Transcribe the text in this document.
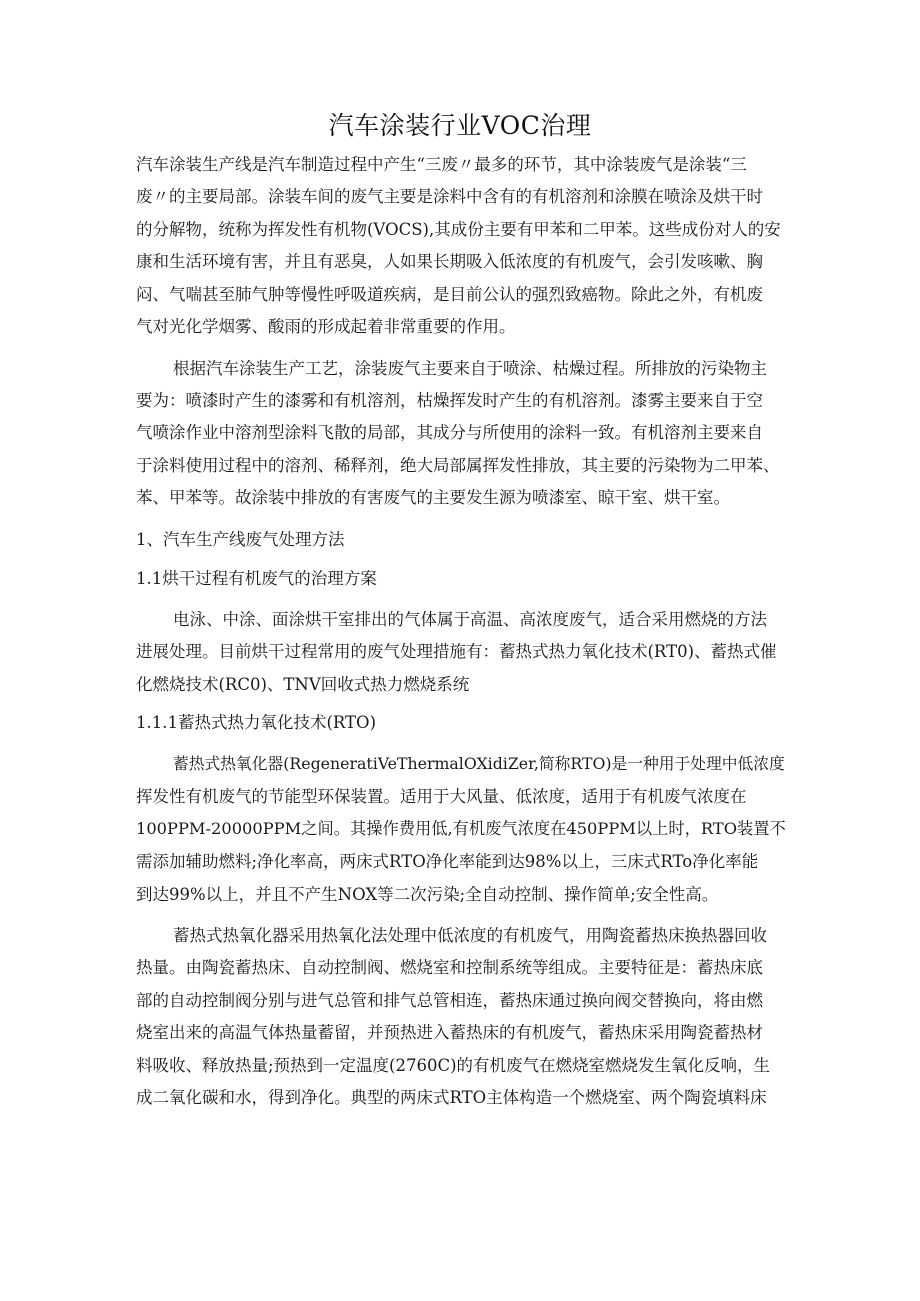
汽车涂装行业VOC治理
汽车涂装生产线是汽车制造过程中产生“三废〃最多的环节，其中涂装废气是涂装“三
废〃的主要局部。涂装车间的废气主要是涂料中含有的有机溶剂和涂膜在喷涂及烘干时
的分解物，统称为挥发性有机物(VOCS),其成份主要有甲苯和二甲苯。这些成份对人的安
康和生活环境有害，并且有恶臭，人如果长期吸入低浓度的有机废气，会引发咳嗽、胸
闷、气喘甚至肺气肿等慢性呼吸道疾病，是目前公认的强烈致癌物。除此之外，有机废
气对光化学烟雾、酸雨的形成起着非常重要的作用。
根据汽车涂装生产工艺，涂装废气主要来自于喷涂、枯燥过程。所排放的污染物主
要为：喷漆时产生的漆雾和有机溶剂，枯燥挥发时产生的有机溶剂。漆雾主要来自于空
气喷涂作业中溶剂型涂料飞散的局部，其成分与所使用的涂料一致。有机溶剂主要来自
于涂料使用过程中的溶剂、稀释剂，绝大局部属挥发性排放，其主要的污染物为二甲苯、
苯、甲苯等。故涂装中排放的有害废气的主要发生源为喷漆室、晾干室、烘干室。
1、汽车生产线废气处理方法
1.1烘干过程有机废气的治理方案
电泳、中涂、面涂烘干室排出的气体属于高温、高浓度废气，适合采用燃烧的方法
进展处理。目前烘干过程常用的废气处理措施有：蓄热式热力氧化技术(RT0)、蓄热式催
化燃烧技术(RC0)、TNV回收式热力燃烧系统
1.1.1蓄热式热力氧化技术(RTO)
蓄热式热氧化器(RegeneratiVeThermalOXidiZer,简称RTO)是一种用于处理中低浓度
挥发性有机废气的节能型环保装置。适用于大风量、低浓度，适用于有机废气浓度在
100PPM-20000PPM之间。其操作费用低,有机废气浓度在450PPM以上时，RTO装置不
需添加辅助燃料;净化率高，两床式RTO净化率能到达98%以上，三床式RTo净化率能
到达99%以上，并且不产生NOX等二次污染;全自动控制、操作简单;安全性高。
蓄热式热氧化器采用热氧化法处理中低浓度的有机废气，用陶瓷蓄热床换热器回收
热量。由陶瓷蓄热床、自动控制阀、燃烧室和控制系统等组成。主要特征是：蓄热床底
部的自动控制阀分别与进气总管和排气总管相连，蓄热床通过换向阀交替换向，将由燃
烧室出来的高温气体热量蓄留，并预热进入蓄热床的有机废气，蓄热床采用陶瓷蓄热材
料吸收、释放热量;预热到一定温度(2760C)的有机废气在燃烧室燃烧发生氧化反响，生
成二氧化碳和水，得到净化。典型的两床式RTO主体构造一个燃烧室、两个陶瓷填料床
